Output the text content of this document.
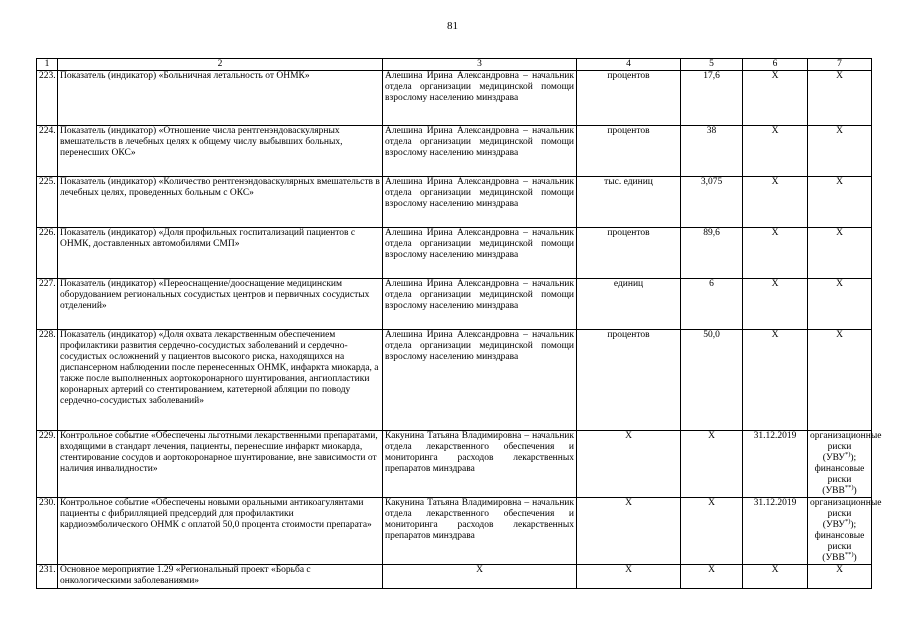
81
1	2	3	4	5	6	7
223.	Показатель (индикатор) «Больничная летальность от ОНМК»	Алешина Ирина Александровна – начальник отдела организации медицинской помощи взрослому населению минздрава	процентов	17,6	X	X
224.	Показатель (индикатор) «Отношение числа рентгенэндоваскулярных вмешательств в лечебных целях к общему числу выбывших больных, перенесших ОКС»	Алешина Ирина Александровна – начальник отдела организации медицинской помощи взрослому населению минздрава	процентов	38	X	X
225.	Показатель (индикатор) «Количество рентгенэндоваскулярных вмешательств в лечебных целях, проведенных больным с ОКС»	Алешина Ирина Александровна – начальник отдела организации медицинской помощи взрослому населению минздрава	тыс. единиц	3,075	X	X
226.	Показатель (индикатор) «Доля профильных госпитализаций пациентов с ОНМК, доставленных автомобилями СМП»	Алешина Ирина Александровна – начальник отдела организации медицинской помощи взрослому населению минздрава	процентов	89,6	X	X
227.	Показатель (индикатор) «Переоснащение/дооснащение медицинским оборудованием региональных сосудистых центров и первичных сосудистых отделений»	Алешина Ирина Александровна – начальник отдела организации медицинской помощи взрослому населению минздрава	единиц	6	X	X
228.	Показатель (индикатор) «Доля охвата лекарственным обеспечением профилактики развития сердечно-сосудистых заболеваний и сердечно-сосудистых осложнений у пациентов высокого риска, находящихся на диспансерном наблюдении после перенесенных ОНМК, инфаркта миокарда, а также после выполненных аортокоронарного шунтирования, ангиопластики коронарных артерий со стентированием, катетерной абляции по поводу сердечно-сосудистых заболеваний»	Алешина Ирина Александровна – начальник отдела организации медицинской помощи взрослому населению минздрава	процентов	50,0	X	X
229.	Контрольное событие «Обеспечены льготными лекарственными препаратами, входящими в стандарт лечения, пациенты, перенесшие инфаркт миокарда, стентирование сосудов и аортокоронарное шунтирование, вне зависимости от наличия инвалидности»	Какунина Татьяна Владимировна – начальник отдела лекарственного обеспечения и мониторинга расходов лекарственных препаратов минздрава	X	X	31.12.2019	организационные риски (УВУ*)); финансовые риски (УВВ**))
230.	Контрольное событие «Обеспечены новыми оральными антикоагулянтами пациенты с фибрилляцией предсердий для профилактики кардиоэмболического ОНМК с оплатой 50,0 процента стоимости препарата»	Какунина Татьяна Владимировна – начальник отдела лекарственного обеспечения и мониторинга расходов лекарственных препаратов минздрава	X	X	31.12.2019	организационные риски (УВУ*)); финансовые риски (УВВ**))
231.	Основное мероприятие 1.29 «Региональный проект «Борьба с онкологическими заболеваниями»	X	X	X	X	X
